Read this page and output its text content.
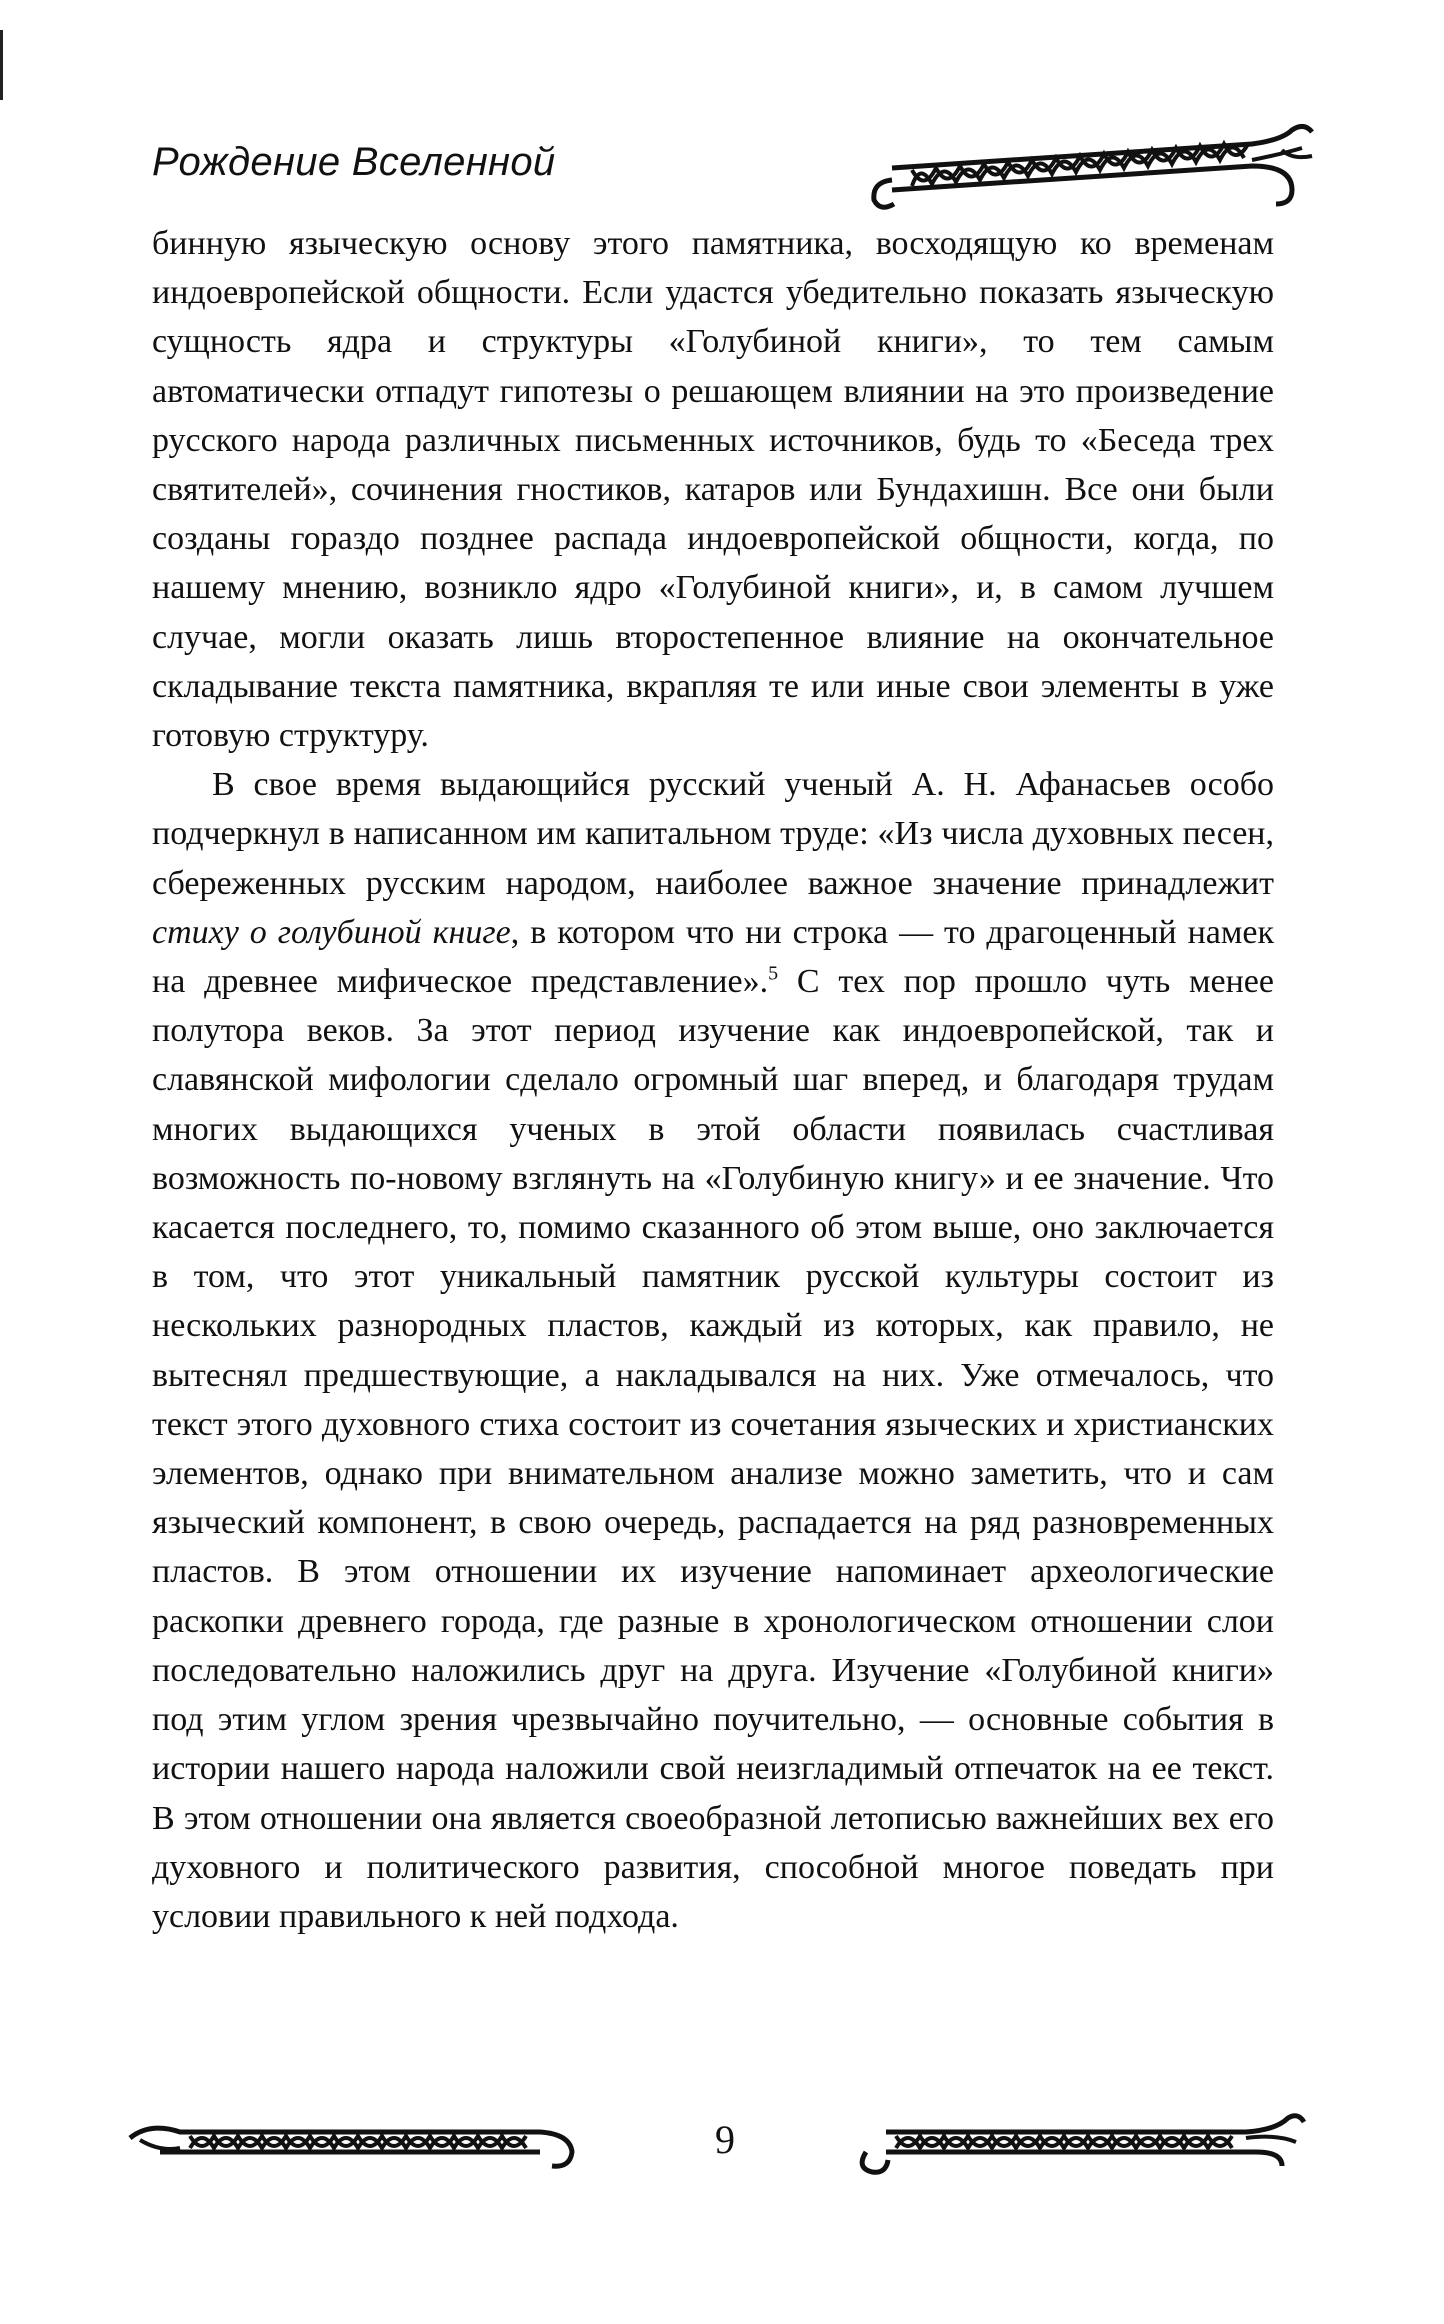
Рождение Вселенной

бинную языческую основу этого памятника, восходящую ко временам индоевропейской общности. Если удастся убедительно показать языческую сущность ядра и структуры «Голубиной книги», то тем самым автоматически отпадут гипотезы о решающем влиянии на это произведение русского народа различных письменных источников, будь то «Беседа трех святителей», сочинения гностиков, катаров или Бундахишн. Все они были созданы гораздо позднее распада индоевропейской общности, когда, по нашему мнению, возникло ядро «Голубиной книги», и, в самом лучшем случае, могли оказать лишь второстепенное влияние на окончательное складывание текста памятника, вкрапляя те или иные свои элементы в уже готовую структуру.

В свое время выдающийся русский ученый А. Н. Афанасьев особо подчеркнул в написанном им капитальном труде: «Из числа духовных песен, сбереженных русским народом, наиболее важное значение принадлежит стиху о голубиной книге, в котором что ни строка — то драгоценный намек на древнее мифическое представление».$^5$ С тех пор прошло чуть менее полутора веков. За этот период изучение как индоевропейской, так и славянской мифологии сделало огромный шаг вперед, и благодаря трудам многих выдающихся ученых в этой области появилась счастливая возможность по-новому взглянуть на «Голубиную книгу» и ее значение. Что касается последнего, то, помимо сказанного об этом выше, оно заключается в том, что этот уникальный памятник русской культуры состоит из нескольких разнородных пластов, каждый из которых, как правило, не вытеснял предшествующие, а накладывался на них. Уже отмечалось, что текст этого духовного стиха состоит из сочетания языческих и христианских элементов, однако при внимательном анализе можно заметить, что и сам языческий компонент, в свою очередь, распадается на ряд разновременных пластов. В этом отношении их изучение напоминает археологические раскопки древнего города, где разные в хронологическом отношении слои последовательно наложились друг на друга. Изучение «Голубиной книги» под этим углом зрения чрезвычайно поучительно, — основные события в истории нашего народа наложили свой неизгладимый отпечаток на ее текст. В этом отношении она является своеобразной летописью важнейших вех его духовного и политического развития, способной многое поведать при условии правильного к ней подхода.

9
